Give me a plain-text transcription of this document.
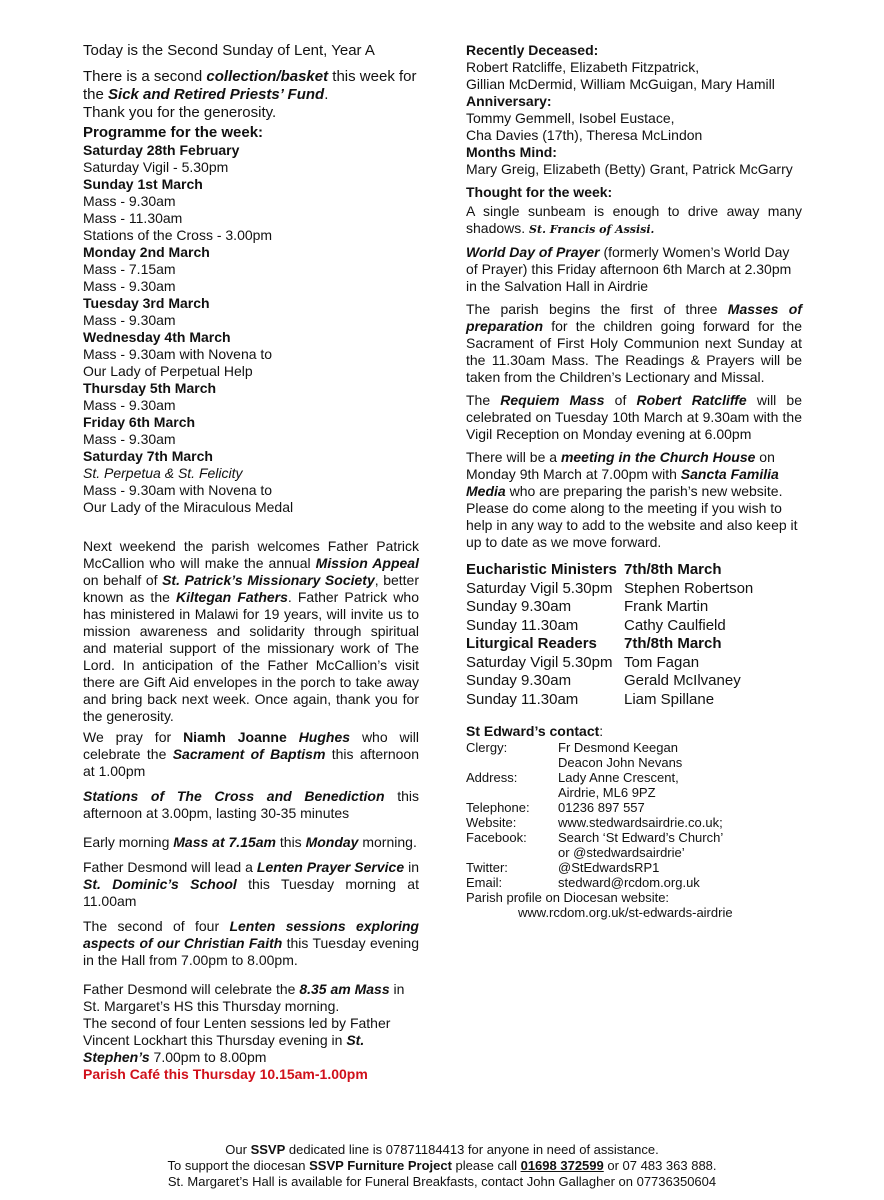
Today is the Second Sunday of Lent, Year A

There is a second collection/basket this week for the Sick and Retired Priests’ Fund.

Thank you for the generosity.

Programme for the week:

Saturday 28th February
Saturday Vigil - 5.30pm
Sunday 1st March
Mass - 9.30am
Mass - 11.30am
Stations of the Cross - 3.00pm
Monday 2nd March
Mass - 7.15am
Mass - 9.30am
Tuesday 3rd March
Mass - 9.30am
Wednesday 4th March
Mass - 9.30am with Novena to
Our Lady of Perpetual Help
Thursday 5th March
Mass - 9.30am
Friday 6th March
Mass - 9.30am
Saturday 7th March
St. Perpetua & St. Felicity
Mass - 9.30am with Novena to
Our Lady of the Miraculous Medal

Next weekend the parish welcomes Father Patrick McCallion who will make the annual Mission Appeal on behalf of St. Patrick’s Missionary Society, better known as the Kiltegan Fathers. Father Patrick who has ministered in Malawi for 19 years, will invite us to mission awareness and solidarity through spiritual and material support of the missionary work of The Lord. In anticipation of the Father McCallion’s visit there are Gift Aid envelopes in the porch to take away and bring back next week. Once again, thank you for the generosity.

We pray for Niamh Joanne Hughes who will celebrate the Sacrament of Baptism this afternoon at 1.00pm

Stations of The Cross and Benediction this afternoon at 3.00pm, lasting 30-35 minutes

Early morning Mass at 7.15am this Monday morning.

Father Desmond will lead a Lenten Prayer Service in St. Dominic’s School this Tuesday morning at 11.00am

The second of four Lenten sessions exploring aspects of our Christian Faith this Tuesday evening in the Hall from 7.00pm to 8.00pm.

Father Desmond will celebrate the 8.35 am Mass in St. Margaret’s HS this Thursday morning.

The second of four Lenten sessions led by Father Vincent Lockhart this Thursday evening in St. Stephen’s 7.00pm to 8.00pm

Parish Café this Thursday 10.15am-1.00pm

Recently Deceased:

Robert Ratcliffe, Elizabeth Fitzpatrick,

Gillian McDermid, William McGuigan, Mary Hamill

Anniversary:

Tommy Gemmell, Isobel Eustace,

Cha Davies (17th), Theresa McLindon

Months Mind:

Mary Greig, Elizabeth (Betty) Grant, Patrick McGarry

Thought for the week:

A single sunbeam is enough to drive away many shadows. St. Francis of Assisi.

World Day of Prayer (formerly Women’s World Day of Prayer) this Friday afternoon 6th March at 2.30pm in the Salvation Hall in Airdrie

The parish begins the first of three Masses of preparation for the children going forward for the Sacrament of First Holy Communion next Sunday at the 11.30am Mass. The Readings & Prayers will be taken from the Children’s Lectionary and Missal.

The Requiem Mass of Robert Ratcliffe will be celebrated on Tuesday 10th March at 9.30am with the Vigil Reception on Monday evening at 6.00pm

There will be a meeting in the Church House on Monday 9th March at 7.00pm with Sancta Familia Media who are preparing the parish’s new website. Please do come along to the meeting if you wish to help in any way to add to the website and also keep it up to date as we move forward.

Eucharistic Ministers	7th/8th March
Saturday Vigil 5.30pm	Stephen Robertson
Sunday 9.30am	Frank Martin
Sunday 11.30am	Cathy Caulfield
Liturgical Readers	7th/8th March
Saturday Vigil 5.30pm	Tom Fagan
Sunday 9.30am	Gerald McIlvaney
Sunday 11.30am	Liam Spillane

St Edward’s contact:

Clergy:	Fr Desmond Keegan
	Deacon John Nevans
Address:	Lady Anne Crescent,
	Airdrie, ML6 9PZ
Telephone:	01236 897 557
Website:	www.stedwardsairdrie.co.uk;
Facebook:	Search ‘St Edward’s Church’
	or @stedwardsairdrie’
Twitter:	@StEdwardsRP1
Email:	stedward@rcdom.org.uk

Parish profile on Diocesan website:

www.rcdom.org.uk/st-edwards-airdrie

Our SSVP dedicated line is 07871184413 for anyone in need of assistance.
To support the diocesan SSVP Furniture Project please call 01698 372599 or 07 483 363 888.
St. Margaret’s Hall is available for Funeral Breakfasts, contact John Gallagher on 07736350604
